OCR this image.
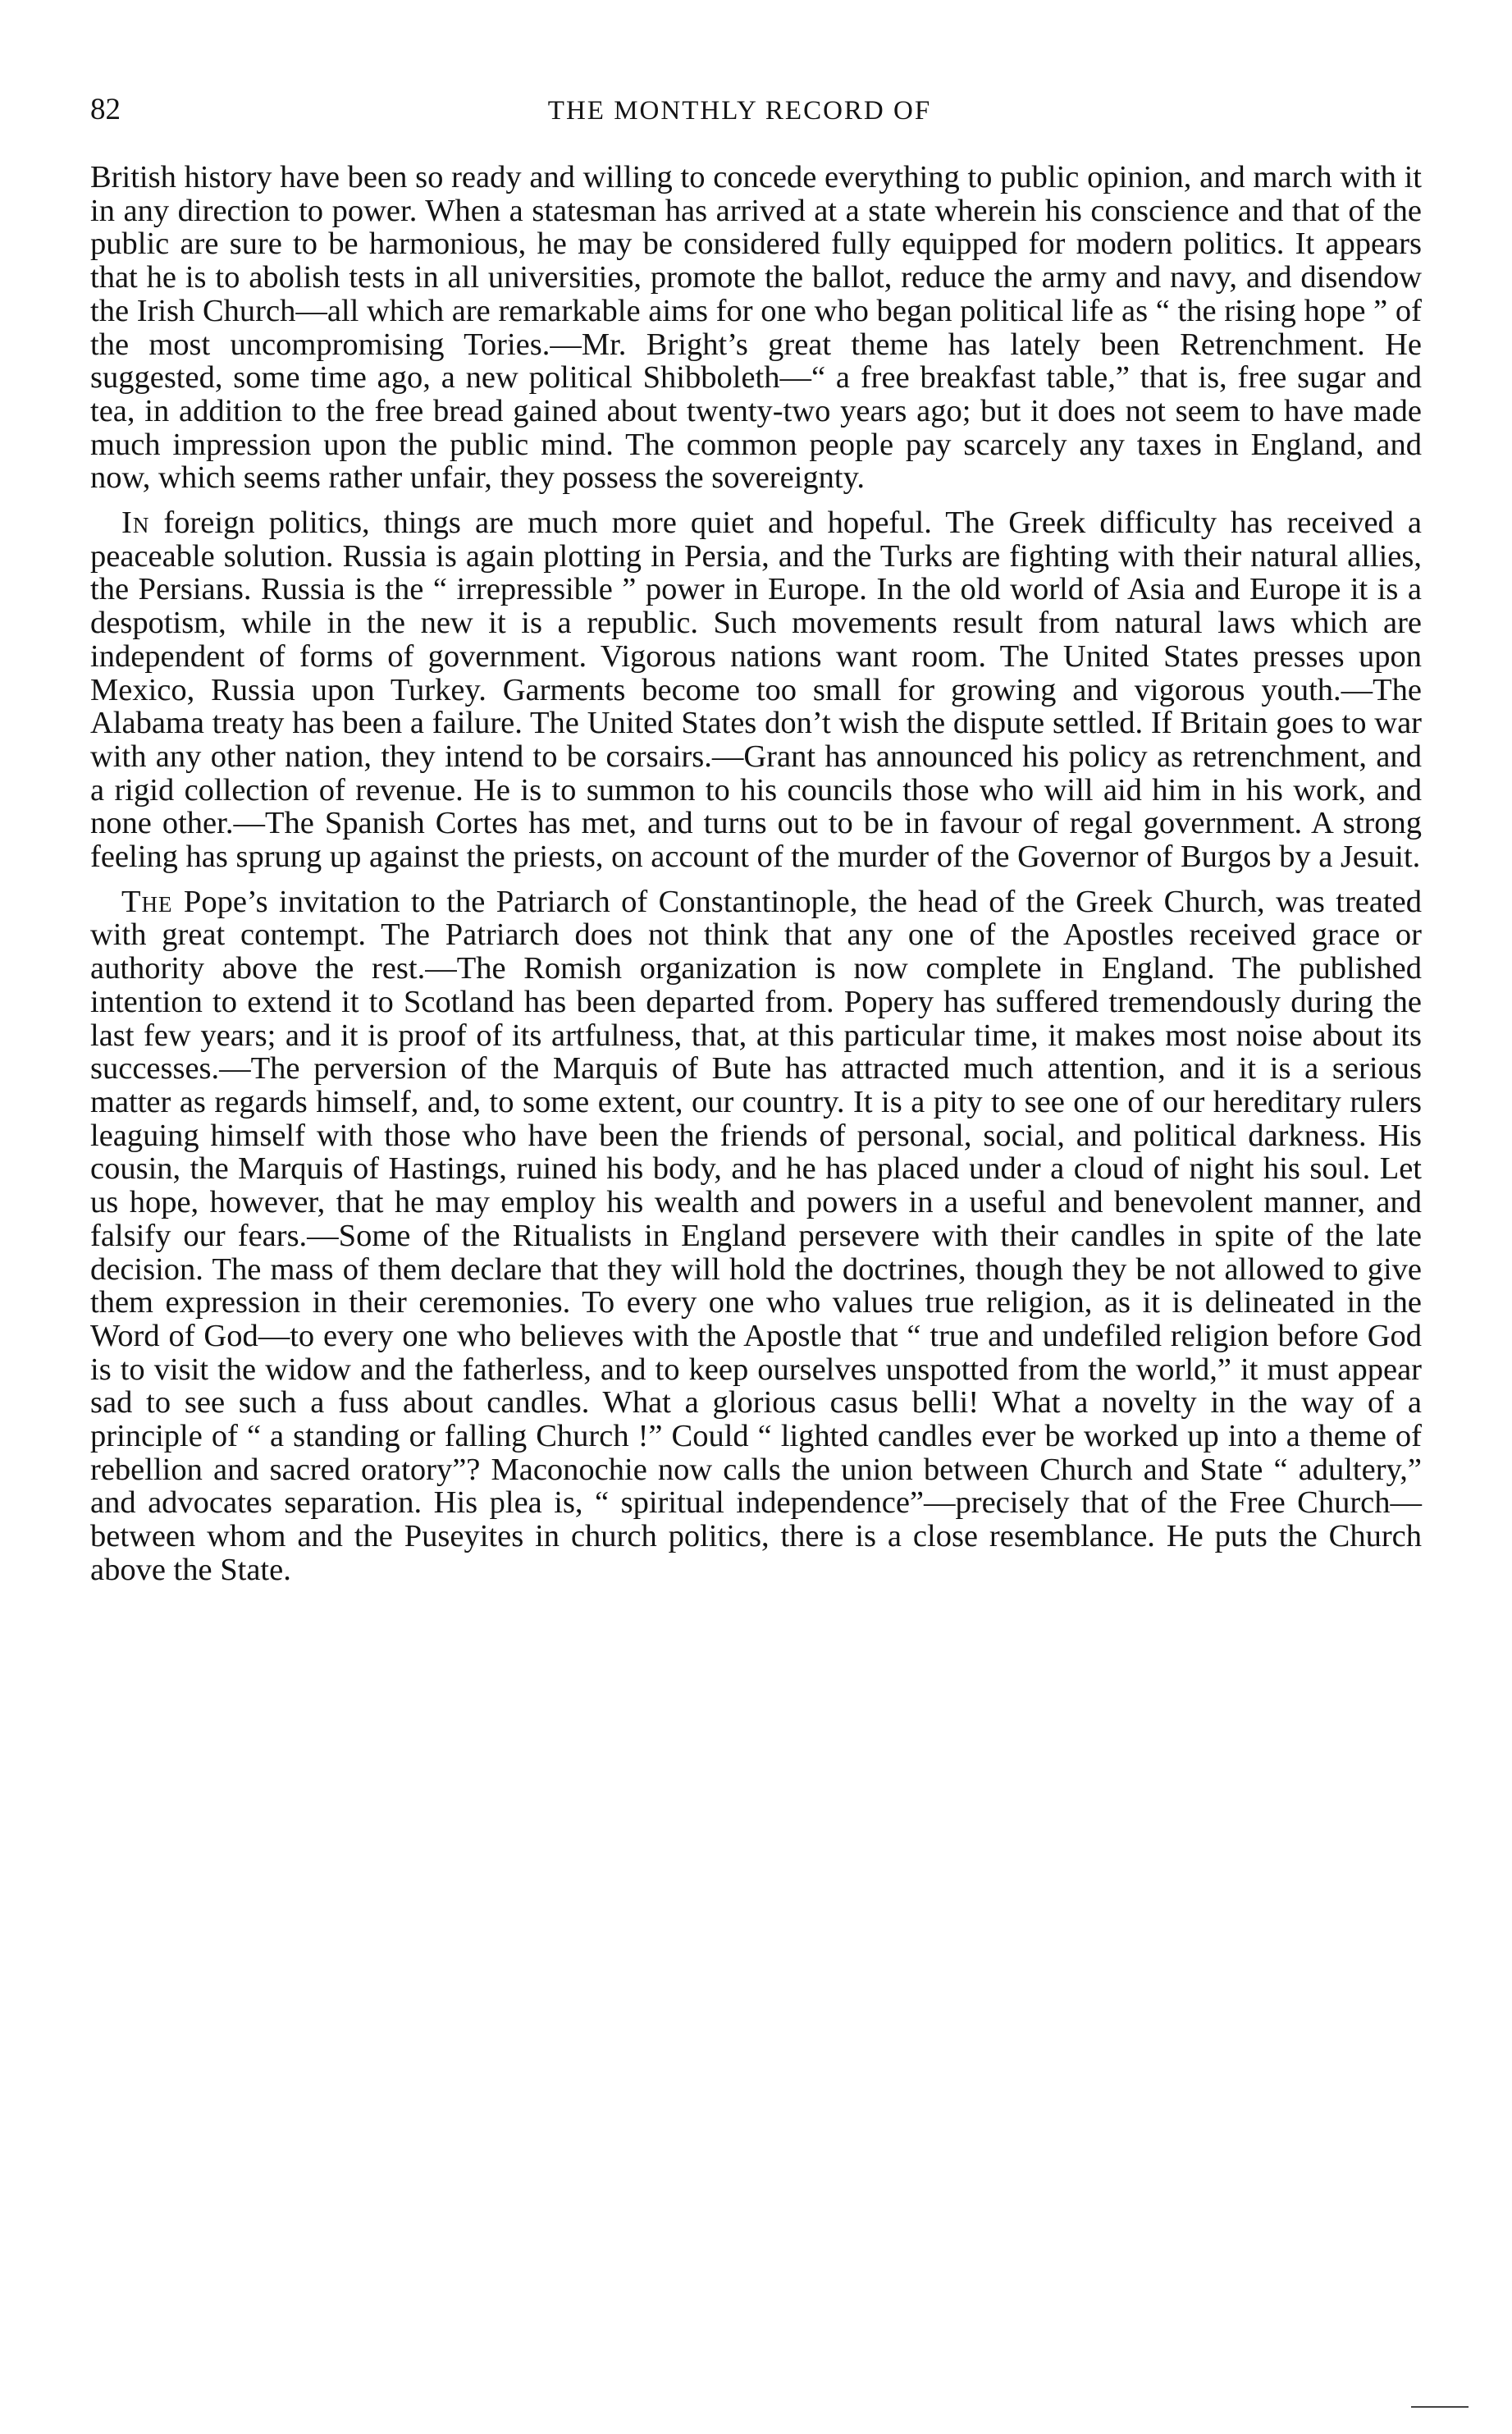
82	THE MONTHLY RECORD OF

British history have been so ready and willing to concede everything to public opinion, and march with it in any direction to power. When a statesman has arrived at a state wherein his conscience and that of the public are sure to be harmonious, he may be considered fully equipped for modern politics. It appears that he is to abolish tests in all universities, promote the ballot, reduce the army and navy, and disendow the Irish Church—all which are remarkable aims for one who began political life as “ the rising hope ” of the most uncompromising Tories.—Mr. Bright’s great theme has lately been Retrenchment. He suggested, some time ago, a new political Shibboleth—“ a free breakfast table,” that is, free sugar and tea, in addition to the free bread gained about twenty-two years ago; but it does not seem to have made much impression upon the public mind. The common people pay scarcely any taxes in England, and now, which seems rather unfair, they possess the sovereignty.

In foreign politics, things are much more quiet and hopeful. The Greek difficulty has received a peaceable solution. Russia is again plotting in Persia, and the Turks are fighting with their natural allies, the Persians. Russia is the “ irrepressible ” power in Europe. In the old world of Asia and Europe it is a despotism, while in the new it is a republic. Such movements result from natural laws which are independent of forms of government. Vigorous nations want room. The United States presses upon Mexico, Russia upon Turkey. Garments become too small for growing and vigorous youth.—The Alabama treaty has been a failure. The United States don’t wish the dispute settled. If Britain goes to war with any other nation, they intend to be corsairs.—Grant has announced his policy as retrenchment, and a rigid collection of revenue. He is to summon to his councils those who will aid him in his work, and none other.—The Spanish Cortes has met, and turns out to be in favour of regal government. A strong feeling has sprung up against the priests, on account of the murder of the Governor of Burgos by a Jesuit.

The Pope’s invitation to the Patriarch of Constantinople, the head of the Greek Church, was treated with great contempt. The Patriarch does not think that any one of the Apostles received grace or authority above the rest.—The Romish organization is now complete in England. The published intention to extend it to Scotland has been departed from. Popery has suffered tremendously during the last few years; and it is proof of its artfulness, that, at this particular time, it makes most noise about its successes.—The perversion of the Marquis of Bute has attracted much attention, and it is a serious matter as regards himself, and, to some extent, our country. It is a pity to see one of our hereditary rulers leaguing himself with those who have been the friends of personal, social, and political darkness. His cousin, the Marquis of Hastings, ruined his body, and he has placed under a cloud of night his soul. Let us hope, however, that he may employ his wealth and powers in a useful and benevolent manner, and falsify our fears.—Some of the Ritualists in England persevere with their candles in spite of the late decision. The mass of them declare that they will hold the doctrines, though they be not allowed to give them expression in their ceremonies. To every one who values true religion, as it is delineated in the Word of God—to every one who believes with the Apostle that “ true and undefiled religion before God is to visit the widow and the fatherless, and to keep ourselves unspotted from the world,” it must appear sad to see such a fuss about candles. What a glorious casus belli! What a novelty in the way of a principle of “ a standing or falling Church !” Could “ lighted candles ever be worked up into a theme of rebellion and sacred oratory”? Maconochie now calls the union between Church and State “ adultery,” and advocates separation. His plea is, “ spiritual independence”—precisely that of the Free Church—between whom and the Puseyites in church politics, there is a close resemblance. He puts the Church above the State.
